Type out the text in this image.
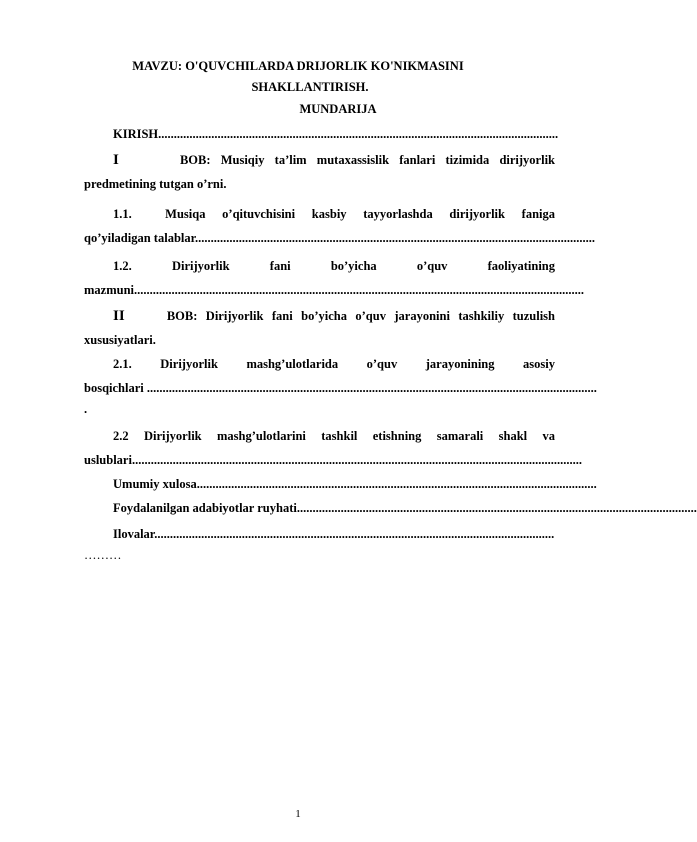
MAVZU: O'QUVCHILARDA DRIJORLIK KO'NIKMASINI
SHAKLLANTIRISH.
MUNDARIJA
KIRISH................................................................................................................................
I	BOB: Musiqiy ta’lim mutaxassislik fanlari tizimida dirijyorlik
predmetining tutgan o’rni.
1.1.	Musiqa o’qituvchisini kasbiy tayyorlashda dirijyorlik faniga
qo’yiladigan talablar................................................................................................................................
1.2.	Dirijyorlik fani bo’yicha o’quv faoliyatining
mazmuni................................................................................................................................................
II	BOB: Dirijyorlik fani bo’yicha o’quv jarayonini tashkiliy tuzulish
xususiyatlari.
2.1. Dirijyorlik mashg’ulotlarida o’quv jarayonining asosiy
bosqichlari ................................................................................................................................................
.
2.2 Dirijyorlik mashg’ulotlarini tashkil etishning samarali shakl va
uslublari................................................................................................................................................
Umumiy xulosa................................................................................................................................
Foydalanilgan adabiyotlar ruyhati................................................................................................................................
Ilovalar................................................................................................................................
………
1
